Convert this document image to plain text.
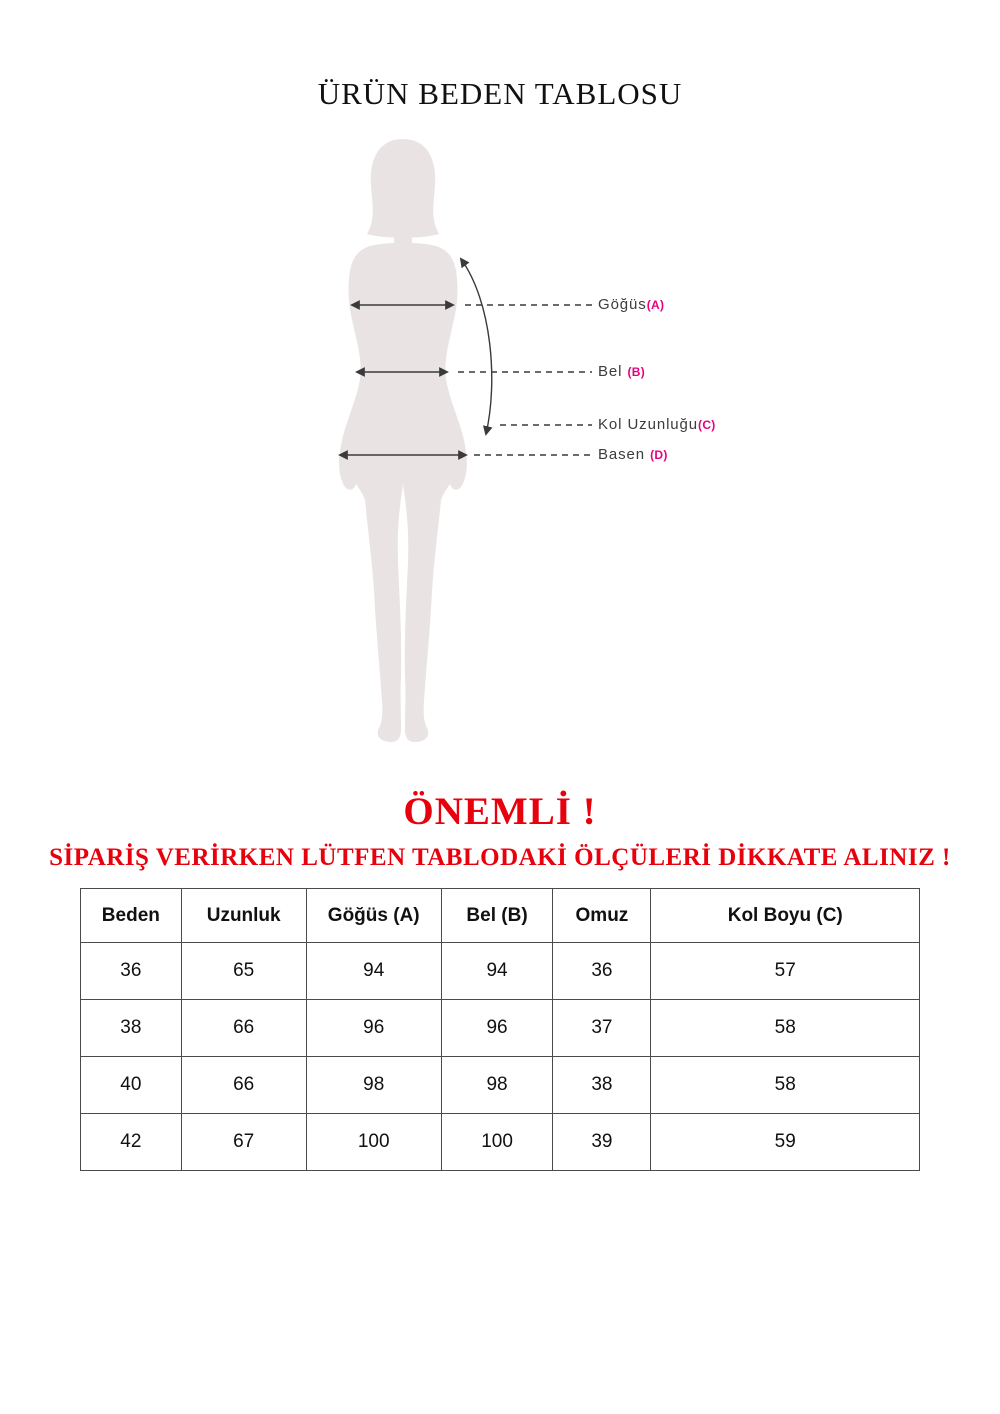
ÜRÜN BEDEN TABLOSU
Göğüs(A)
Bel (B)
Kol Uzunluğu(C)
Basen (D)
ÖNEMLİ !
SİPARİŞ VERİRKEN LÜTFEN TABLODAKİ ÖLÇÜLERİ DİKKATE ALINIZ !
Beden	Uzunluk	Göğüs (A)	Bel (B)	Omuz	Kol Boyu (C)
36	65	94	94	36	57
38	66	96	96	37	58
40	66	98	98	38	58
42	67	100	100	39	59
